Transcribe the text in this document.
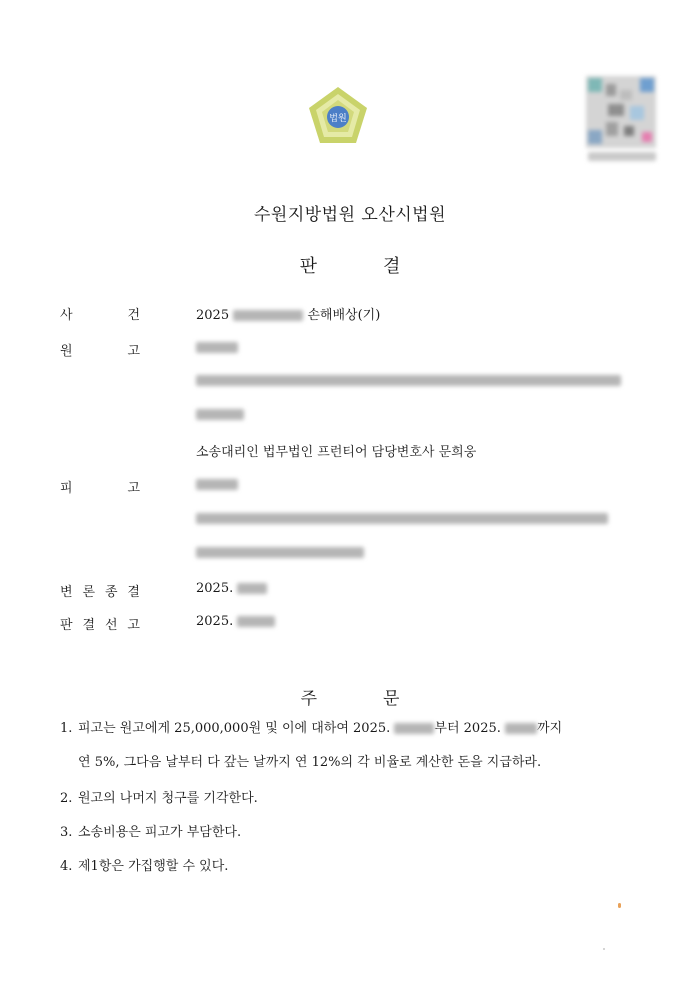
법원
수원지방법원 오산시법원
판	결
사	건	2025	손해배상(기)
원	고
소송대리인 법무법인 프런티어 담당변호사 문희웅
피	고
변 론 종 결	2025.
판 결 선 고	2025.
주	문
1. 피고는 원고에게 25,000,000원 및 이에 대하여 2025.	부터 2025.	까지
연 5%, 그다음 날부터 다 갚는 날까지 연 12%의 각 비율로 계산한 돈을 지급하라.
2. 원고의 나머지 청구를 기각한다.
3. 소송비용은 피고가 부담한다.
4. 제1항은 가집행할 수 있다.
